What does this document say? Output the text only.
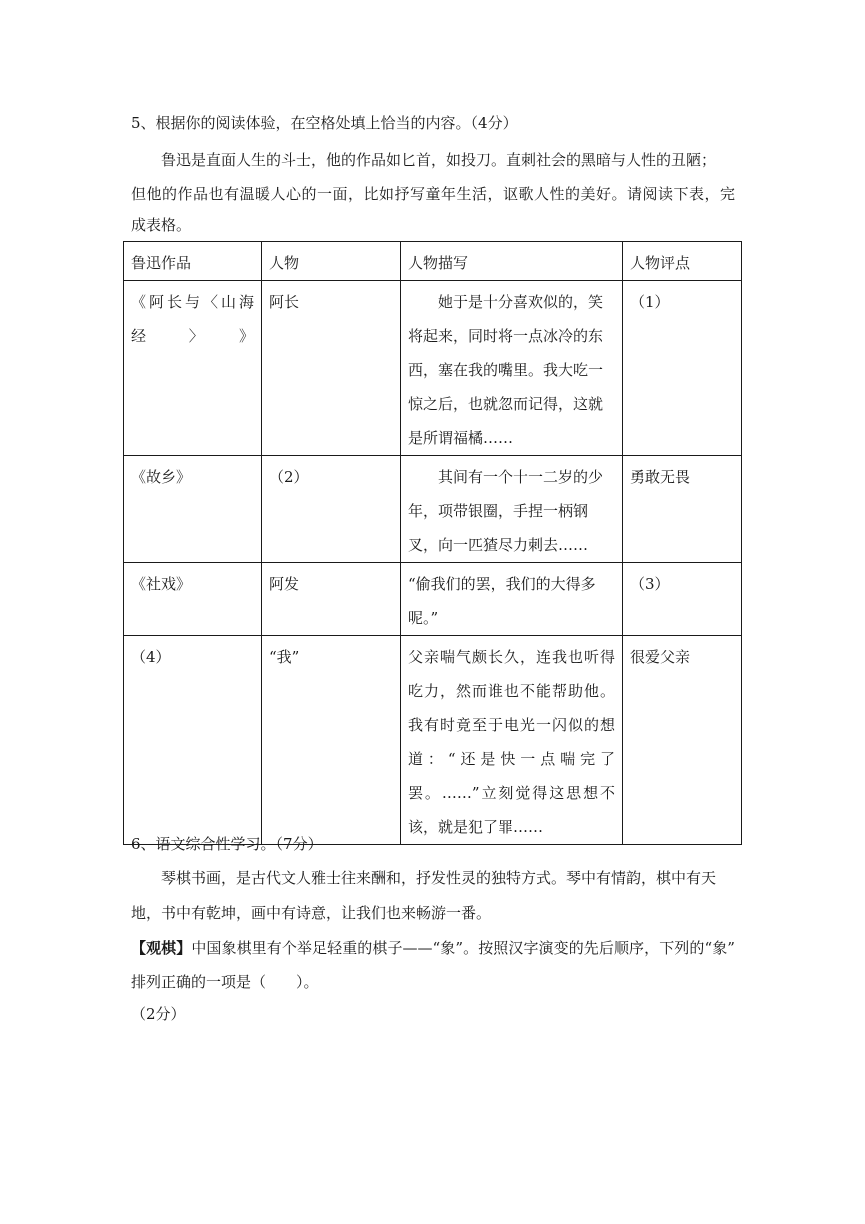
5、根据你的阅读体验，在空格处填上恰当的内容。（4分）
鲁迅是直面人生的斗士，他的作品如匕首，如投刀。直刺社会的黑暗与人性的丑陋；
但他的作品也有温暖人心的一面，比如抒写童年生活，讴歌人性的美好。请阅读下表，完
成表格。
鲁迅作品	人物	人物描写	人物评点
《阿长与〈山海经〉》	阿长	她于是十分喜欢似的，笑将起来，同时将一点冰冷的东西，塞在我的嘴里。我大吃一惊之后，也就忽而记得，这就是所谓福橘……	（1）
《故乡》	（2）	其间有一个十一二岁的少年，项带银圈，手捏一柄钢叉，向一匹猹尽力刺去……	勇敢无畏
《社戏》	阿发	“偷我们的罢，我们的大得多呢。”	（3）
（4）	“我”	父亲喘气颇长久，连我也听得吃力，然而谁也不能帮助他。我有时竟至于电光一闪似的想道：“还是快一点喘完了罢。……”立刻觉得这思想不该，就是犯了罪……	很爱父亲
6、语文综合性学习。（7分）
琴棋书画，是古代文人雅士往来酬和，抒发性灵的独特方式。琴中有情韵，棋中有天
地，书中有乾坤，画中有诗意，让我们也来畅游一番。
【观棋】中国象棋里有个举足轻重的棋子——“象”。按照汉字演变的先后顺序，下列的“象”
排列正确的一项是（　　）。
（2分）
